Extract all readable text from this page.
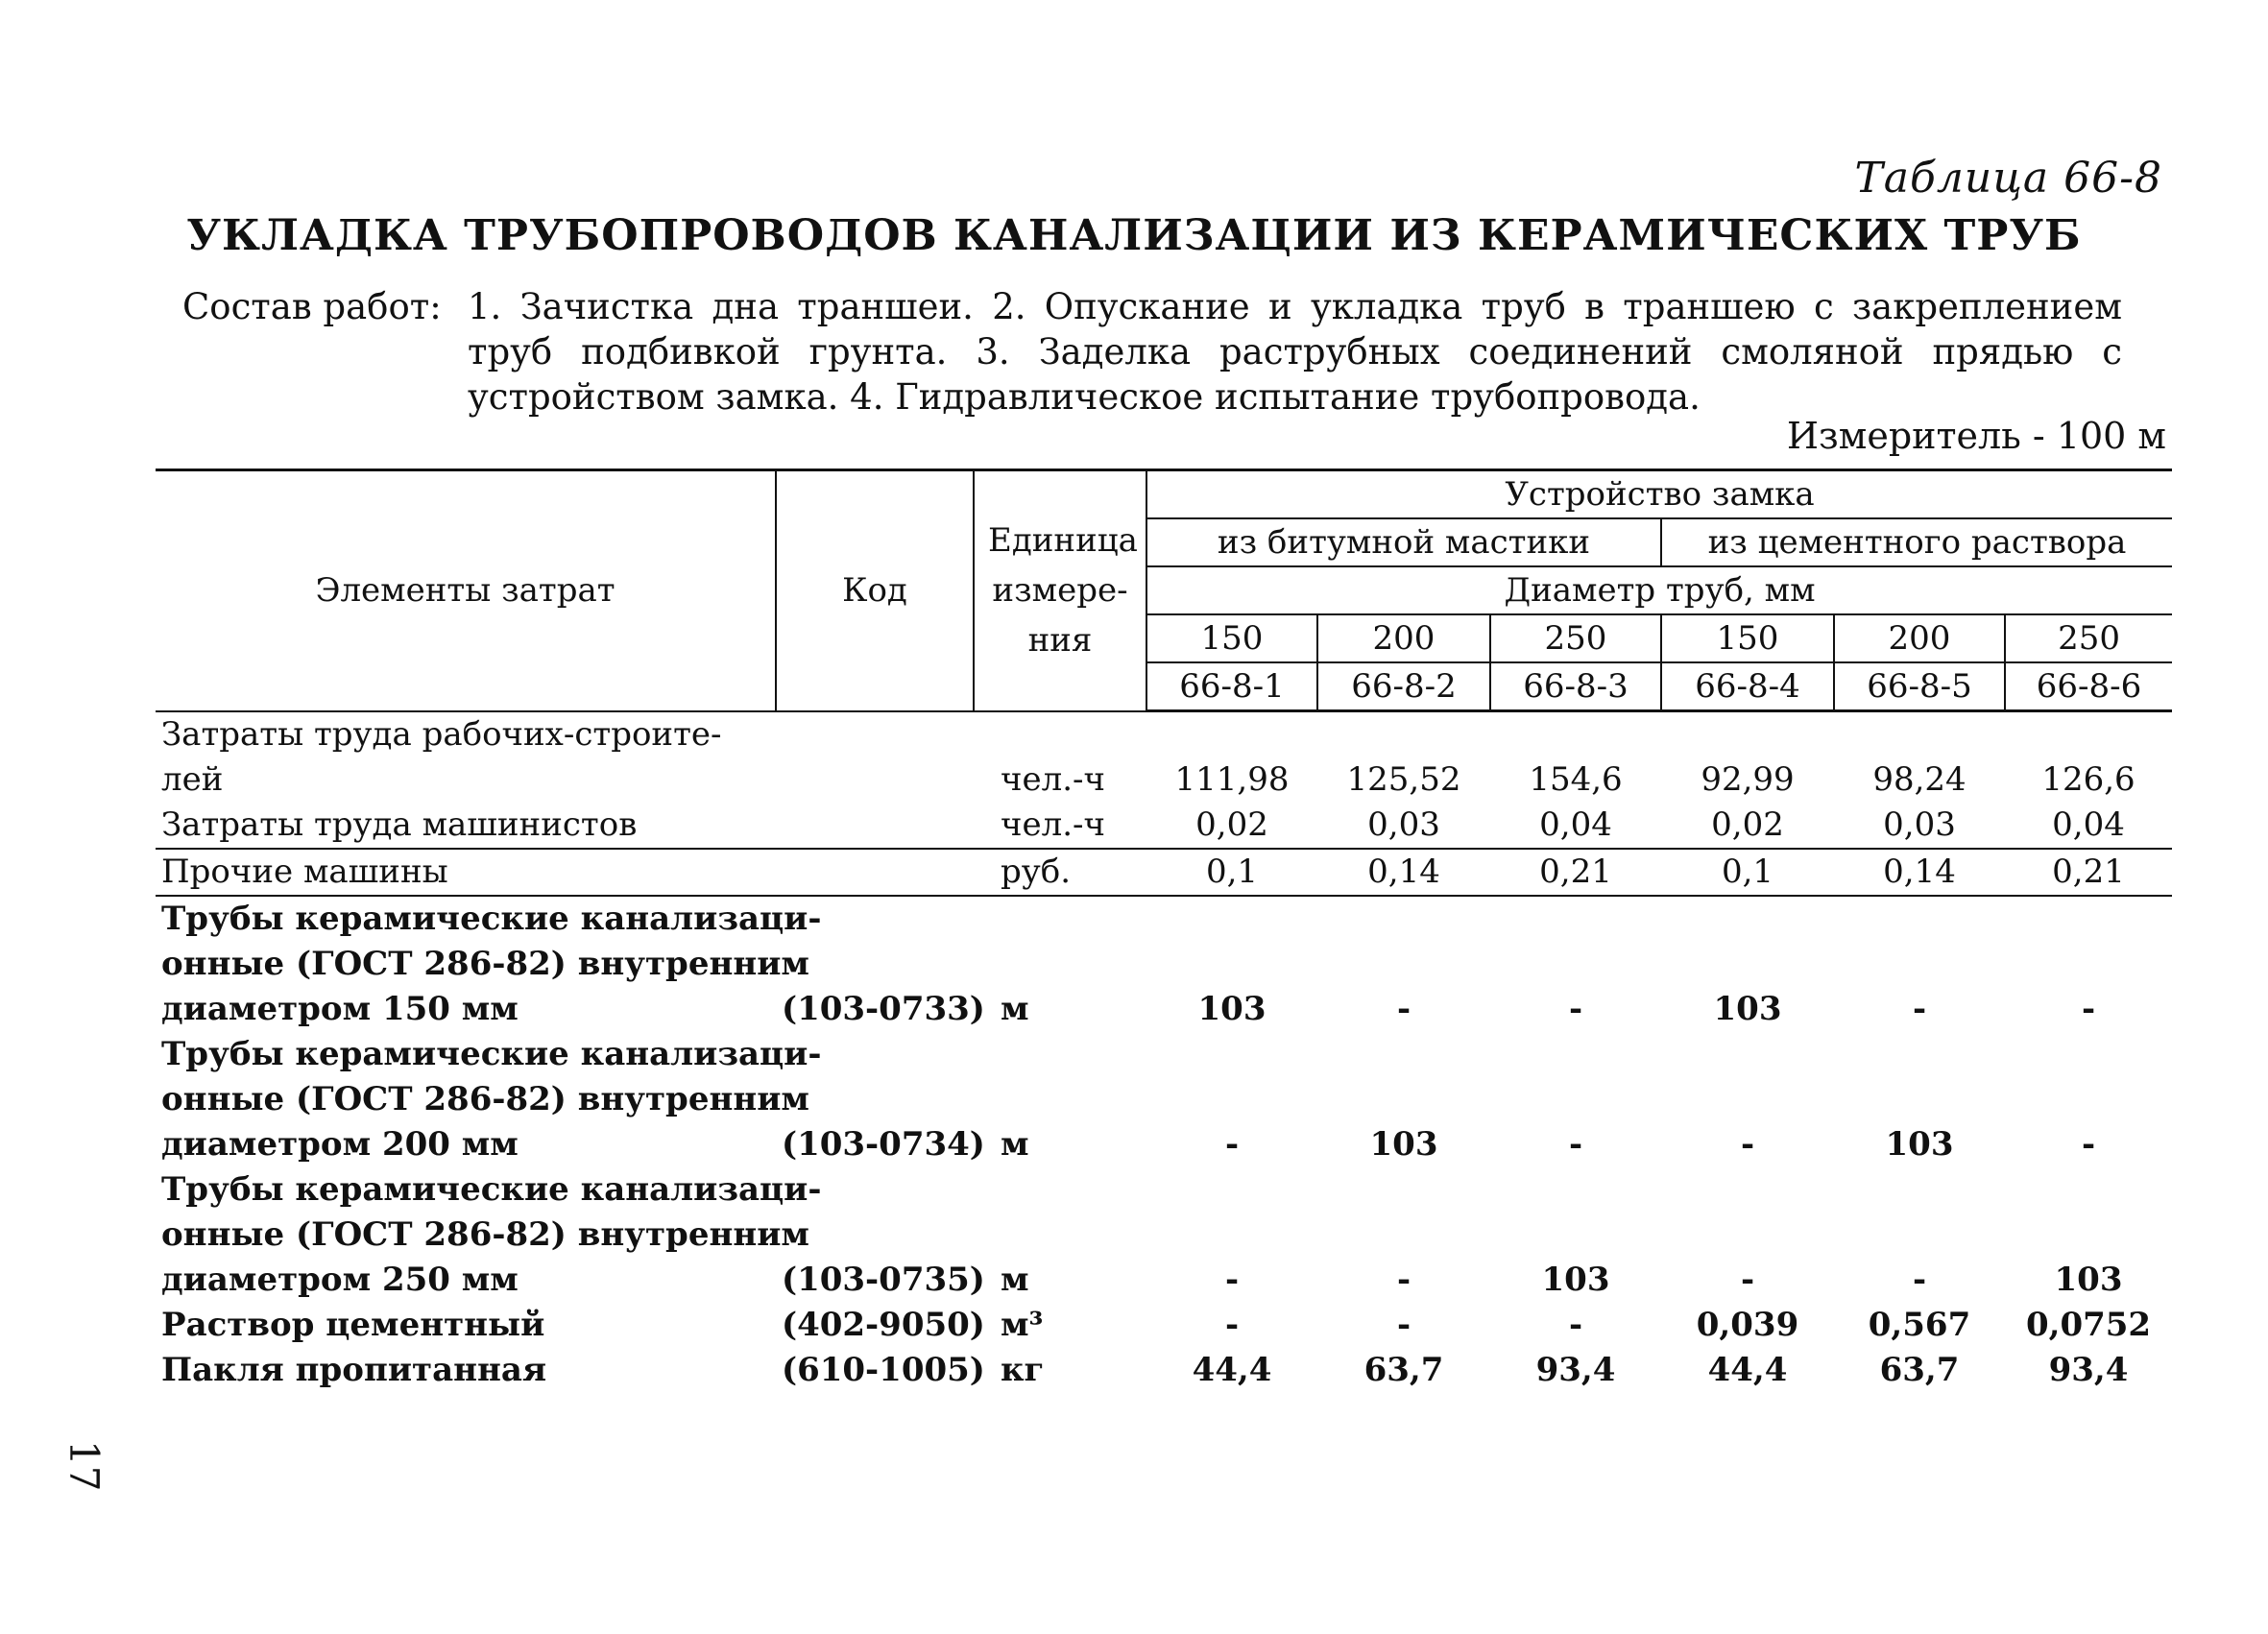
Таблица 66-8
УКЛАДКА ТРУБОПРОВОДОВ КАНАЛИЗАЦИИ ИЗ КЕРАМИЧЕСКИХ ТРУБ
Состав работ: 1. Зачистка дна траншеи. 2. Опускание и укладка труб в траншею с закреплением труб подбивкой грунта. 3. Заделка раструбных соединений смоляной прядью с устройством замка. 4. Гидравлическое испытание трубопровода.
Измеритель - 100 м
Элементы затрат	Код	Единица измере-ния	Устройство замка					
			из битумной мастики			из цементного раствора		
			Диаметр труб, мм					
			150	200	250	150	200	250
			66-8-1	66-8-2	66-8-3	66-8-4	66-8-5	66-8-6
Затраты труда рабочих-строите-								
лей		чел.-ч	111,98	125,52	154,6	92,99	98,24	126,6
Затраты труда машинистов		чел.-ч	0,02	0,03	0,04	0,02	0,03	0,04
Прочие машины		руб.	0,1	0,14	0,21	0,1	0,14	0,21
Трубы керамические канализаци-								
онные (ГОСТ 286-82) внутренним								
диаметром 150 мм	(103-0733)	м	103	-	-	103	-	-
Трубы керамические канализаци-								
онные (ГОСТ 286-82) внутренним								
диаметром 200 мм	(103-0734)	м	-	103	-	-	103	-
Трубы керамические канализаци-								
онные (ГОСТ 286-82) внутренним								
диаметром 250 мм	(103-0735)	м	-	-	103	-	-	103
Раствор цементный	(402-9050)	м³	-	-	-	0,039	0,567	0,0752
Пакля пропитанная	(610-1005)	кг	44,4	63,7	93,4	44,4	63,7	93,4
17
